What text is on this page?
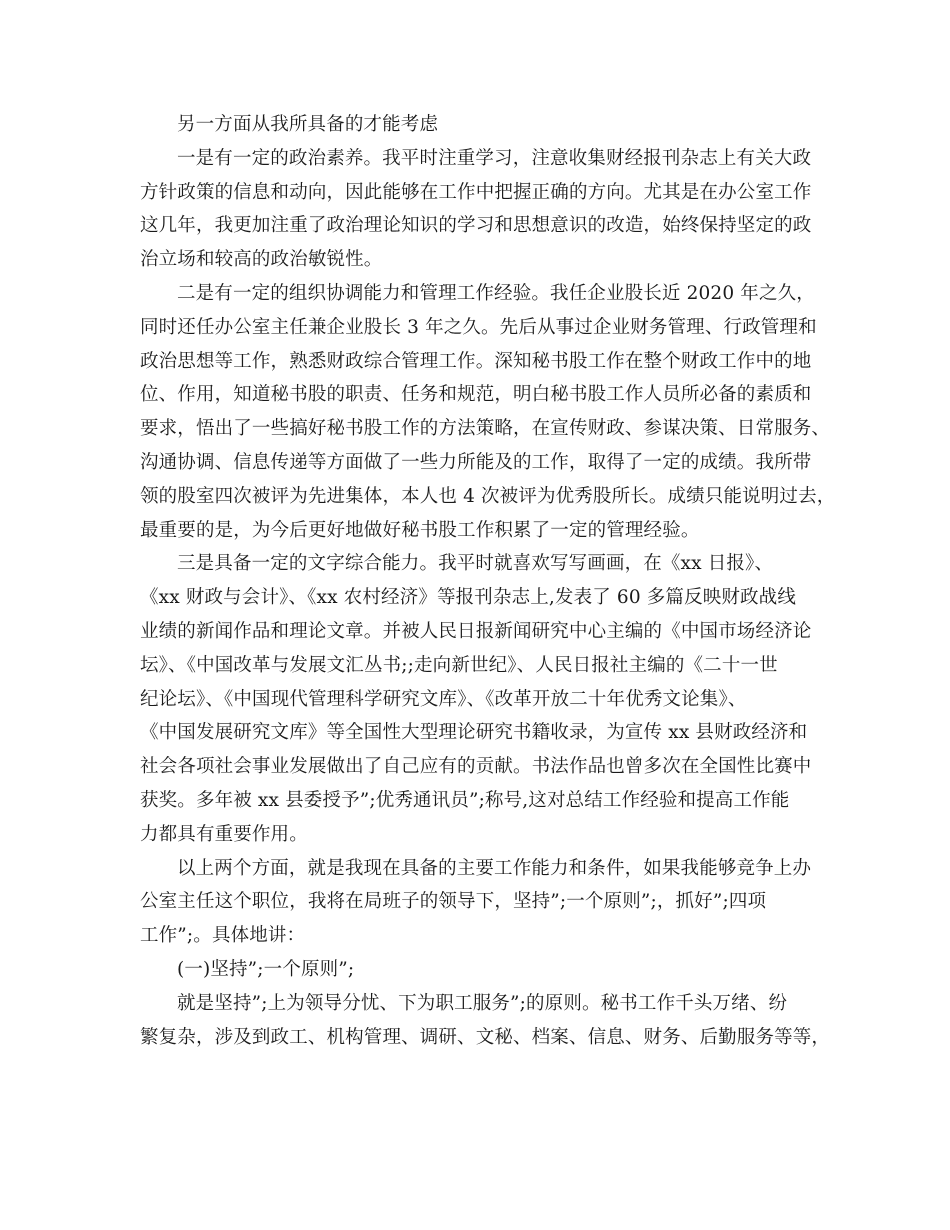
另一方面从我所具备的才能考虑

一是有一定的政治素养。我平时注重学习，注意收集财经报刊杂志上有关大政
方针政策的信息和动向，因此能够在工作中把握正确的方向。尤其是在办公室工作
这几年，我更加注重了政治理论知识的学习和思想意识的改造，始终保持坚定的政
治立场和较高的政治敏锐性。

二是有一定的组织协调能力和管理工作经验。我任企业股长近 2020 年之久，
同时还任办公室主任兼企业股长 3 年之久。先后从事过企业财务管理、行政管理和
政治思想等工作，熟悉财政综合管理工作。深知秘书股工作在整个财政工作中的地
位、作用，知道秘书股的职责、任务和规范，明白秘书股工作人员所必备的素质和
要求，悟出了一些搞好秘书股工作的方法策略，在宣传财政、参谋决策、日常服务、
沟通协调、信息传递等方面做了一些力所能及的工作，取得了一定的成绩。我所带
领的股室四次被评为先进集体，本人也 4 次被评为优秀股所长。成绩只能说明过去，
最重要的是，为今后更好地做好秘书股工作积累了一定的管理经验。

三是具备一定的文字综合能力。我平时就喜欢写写画画，在《xx 日报》、
《xx 财政与会计》、《xx 农村经济》等报刊杂志上,发表了 60 多篇反映财政战线
业绩的新闻作品和理论文章。并被人民日报新闻研究中心主编的《中国市场经济论
坛》、《中国改革与发展文汇丛书;;走向新世纪》、人民日报社主编的《二十一世
纪论坛》、《中国现代管理科学研究文库》、《改革开放二十年优秀文论集》、
《中国发展研究文库》等全国性大型理论研究书籍收录，为宣传 xx 县财政经济和
社会各项社会事业发展做出了自己应有的贡献。书法作品也曾多次在全国性比赛中
获奖。多年被 xx 县委授予”;优秀通讯员”;称号,这对总结工作经验和提高工作能
力都具有重要作用。

以上两个方面，就是我现在具备的主要工作能力和条件，如果我能够竞争上办
公室主任这个职位，我将在局班子的领导下，坚持”;一个原则”;，抓好”;四项
工作”;。具体地讲：

(一)坚持”;一个原则”;

就是坚持”;上为领导分忧、下为职工服务”;的原则。秘书工作千头万绪、纷
繁复杂，涉及到政工、机构管理、调研、文秘、档案、信息、财务、后勤服务等等，
